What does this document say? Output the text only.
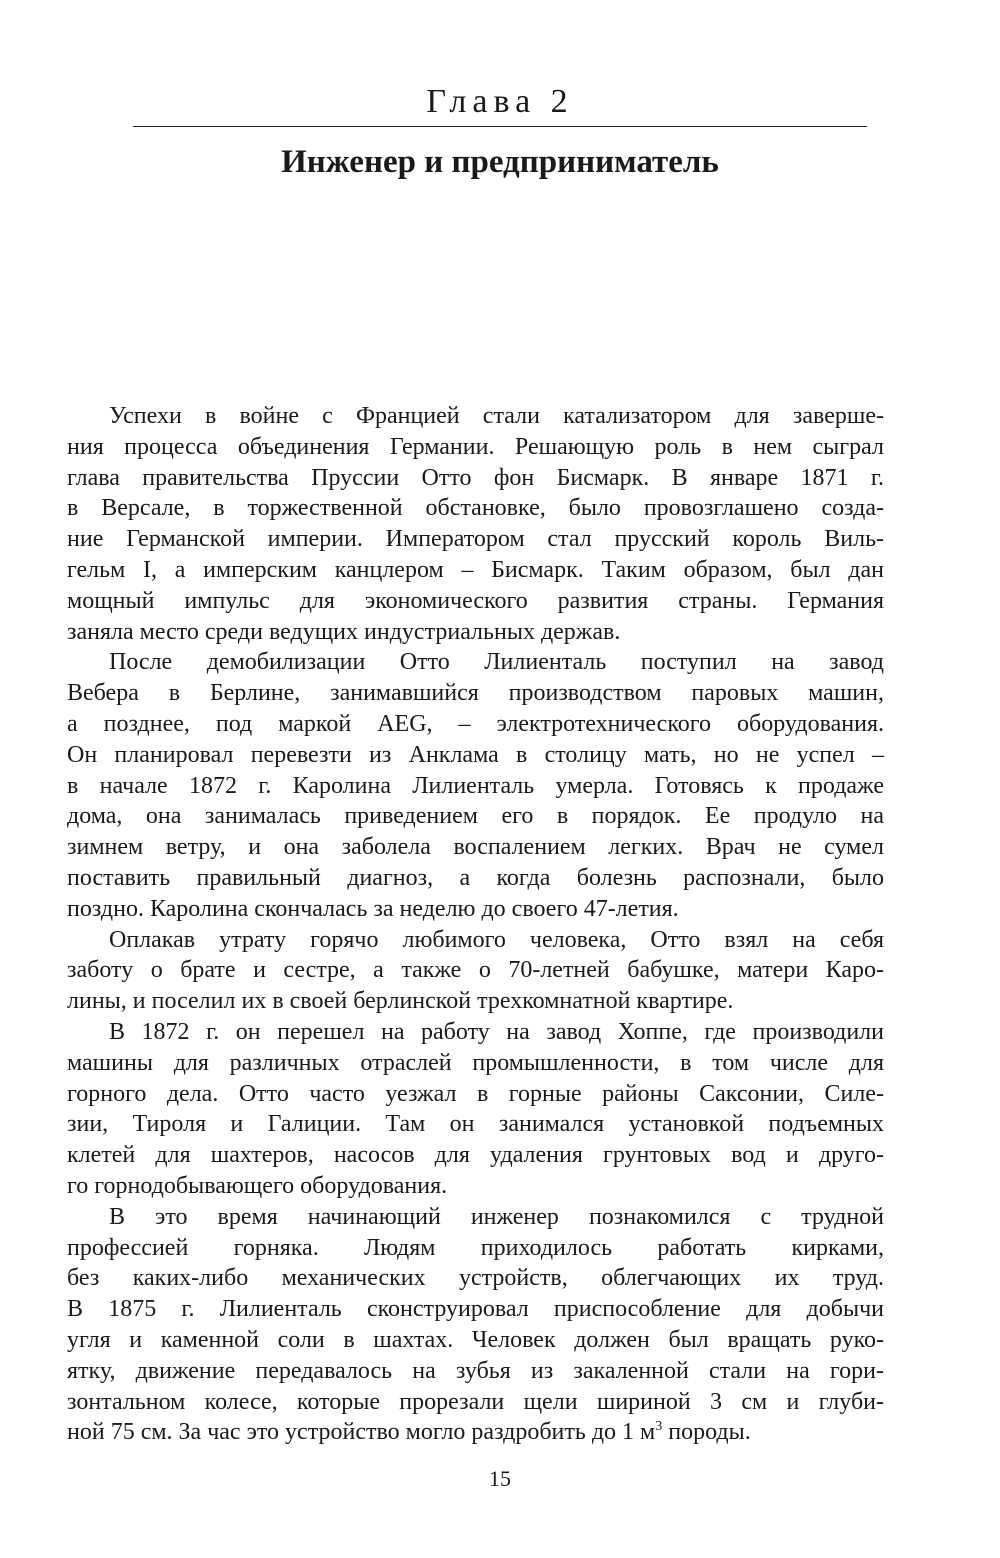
Глава 2
Инженер и предприниматель

Успехи в войне с Францией стали катализатором для заверше-
ния процесса объединения Германии. Решающую роль в нем сыграл
глава правительства Пруссии Отто фон Бисмарк. В январе 1871 г.
в Версале, в торжественной обстановке, было провозглашено созда-
ние Германской империи. Императором стал прусский король Виль-
гельм I, а имперским канцлером – Бисмарк. Таким образом, был дан
мощный импульс для экономического развития страны. Германия
заняла место среди ведущих индустриальных держав.

После демобилизации Отто Лилиенталь поступил на завод
Вебера в Берлине, занимавшийся производством паровых машин,
а позднее, под маркой AEG, – электротехнического оборудования.
Он планировал перевезти из Анклама в столицу мать, но не успел –
в начале 1872 г. Каролина Лилиенталь умерла. Готовясь к продаже
дома, она занималась приведением его в порядок. Ее продуло на
зимнем ветру, и она заболела воспалением легких. Врач не сумел
поставить правильный диагноз, а когда болезнь распознали, было
поздно. Каролина скончалась за неделю до своего 47-летия.

Оплакав утрату горячо любимого человека, Отто взял на себя
заботу о брате и сестре, а также о 70-летней бабушке, матери Каро-
лины, и поселил их в своей берлинской трехкомнатной квартире.

В 1872 г. он перешел на работу на завод Хоппе, где производили
машины для различных отраслей промышленности, в том числе для
горного дела. Отто часто уезжал в горные районы Саксонии, Силе-
зии, Тироля и Галиции. Там он занимался установкой подъемных
клетей для шахтеров, насосов для удаления грунтовых вод и друго-
го горнодобывающего оборудования.

В это время начинающий инженер познакомился с трудной
профессией горняка. Людям приходилось работать кирками,
без каких-либо механических устройств, облегчающих их труд.
В 1875 г. Лилиенталь сконструировал приспособление для добычи
угля и каменной соли в шахтах. Человек должен был вращать руко-
ятку, движение передавалось на зубья из закаленной стали на гори-
зонтальном колесе, которые прорезали щели шириной 3 см и глуби-
ной 75 см. За час это устройство могло раздробить до 1 $м^3$ породы.

15
